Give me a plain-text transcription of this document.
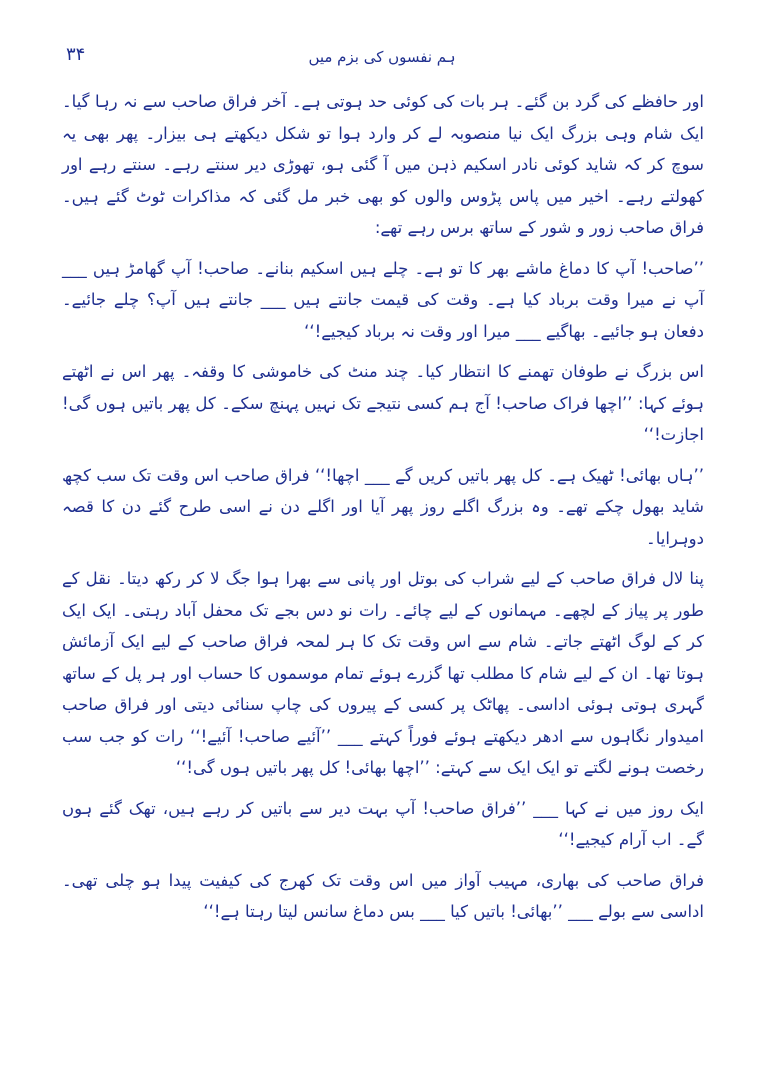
ہم نفسوں کی بزم میں
۳۴

اور حافظے کی گرد بن گئے۔ ہر بات کی کوئی حد ہوتی ہے۔ آخر فراق صاحب سے نہ رہا گیا۔ ایک شام وہی بزرگ ایک نیا منصوبہ لے کر وارد ہوا تو شکل دیکھتے ہی بیزار۔ پھر بھی یہ سوچ کر کہ شاید کوئی نادر اسکیم ذہن میں آ گئی ہو، تھوڑی دیر سنتے رہے۔ سنتے رہے اور کھولتے رہے۔ اخیر میں پاس پڑوس والوں کو بھی خبر مل گئی کہ مذاکرات ٹوٹ گئے ہیں۔ فراق صاحب زور و شور کے ساتھ برس رہے تھے:

’’صاحب! آپ کا دماغ ماشے بھر کا تو ہے۔ چلے ہیں اسکیم بنانے۔ صاحب! آپ گھامڑ ہیں ___ آپ نے میرا وقت برباد کیا ہے۔ وقت کی قیمت جانتے ہیں ___ جانتے ہیں آپ؟ چلے جائیے۔ دفعان ہو جائیے۔ بھاگیے ___ میرا اور وقت نہ برباد کیجیے!‘‘

اس بزرگ نے طوفان تھمنے کا انتظار کیا۔ چند منٹ کی خاموشی کا وقفہ۔ پھر اس نے اٹھتے ہوئے کہا: ’’اچھا فراک صاحب! آج ہم کسی نتیجے تک نہیں پہنچ سکے۔ کل پھر باتیں ہوں گی! اجازت!‘‘

’’ہاں بھائی! ٹھیک ہے۔ کل پھر باتیں کریں گے ___ اچھا!‘‘ فراق صاحب اس وقت تک سب کچھ شاید بھول چکے تھے۔ وہ بزرگ اگلے روز پھر آیا اور اگلے دن نے اسی طرح گئے دن کا قصہ دوہرایا۔

پنا لال فراق صاحب کے لیے شراب کی بوتل اور پانی سے بھرا ہوا جگ لا کر رکھ دیتا۔ نقل کے طور پر پیاز کے لچھے۔ مہمانوں کے لیے چائے۔ رات نو دس بجے تک محفل آباد رہتی۔ ایک ایک کر کے لوگ اٹھتے جاتے۔ شام سے اس وقت تک کا ہر لمحہ فراق صاحب کے لیے ایک آزمائش ہوتا تھا۔ ان کے لیے شام کا مطلب تھا گزرے ہوئے تمام موسموں کا حساب اور ہر پل کے ساتھ گہری ہوتی ہوئی اداسی۔ پھاٹک پر کسی کے پیروں کی چاپ سنائی دیتی اور فراق صاحب امیدوار نگاہوں سے ادھر دیکھتے ہوئے فوراً کہتے ___ ’’آئیے صاحب! آئیے!‘‘ رات کو جب سب رخصت ہونے لگتے تو ایک ایک سے کہتے: ’’اچھا بھائی! کل پھر باتیں ہوں گی!‘‘

ایک روز میں نے کہا ___ ’’فراق صاحب! آپ بہت دیر سے باتیں کر رہے ہیں، تھک گئے ہوں گے۔ اب آرام کیجیے!‘‘

فراق صاحب کی بھاری، مہیب آواز میں اس وقت تک کھرج کی کیفیت پیدا ہو چلی تھی۔ اداسی سے بولے ___ ’’بھائی! باتیں کیا ___ بس دماغ سانس لیتا رہتا ہے!‘‘
